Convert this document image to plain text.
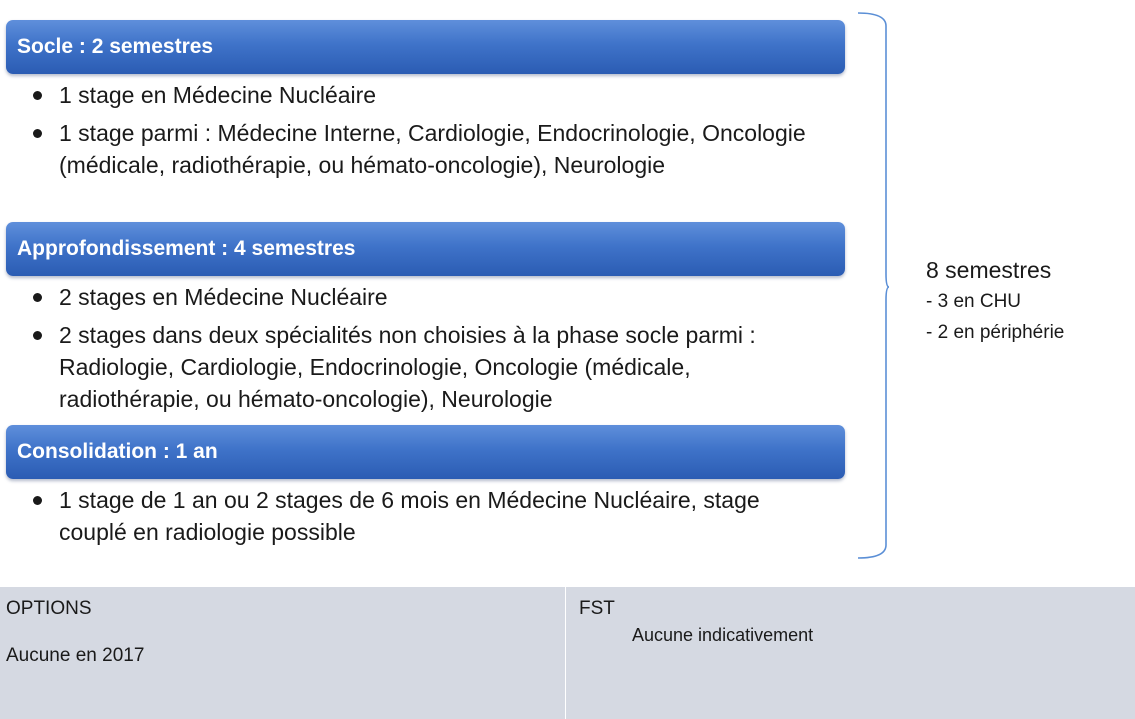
Socle : 2 semestres
1 stage en Médecine Nucléaire
1 stage parmi : Médecine Interne, Cardiologie, Endocrinologie, Oncologie (médicale, radiothérapie, ou hémato-oncologie), Neurologie
Approfondissement : 4 semestres
2 stages en Médecine Nucléaire
2 stages dans deux spécialités non choisies à la phase socle parmi : Radiologie, Cardiologie, Endocrinologie, Oncologie (médicale, radiothérapie, ou hémato-oncologie), Neurologie
Consolidation : 1 an
1 stage de 1 an ou 2 stages de 6 mois en Médecine Nucléaire, stage couplé en radiologie possible
8 semestres
- 3 en CHU
- 2 en périphérie
OPTIONS
Aucune en 2017
FST
Aucune indicativement
